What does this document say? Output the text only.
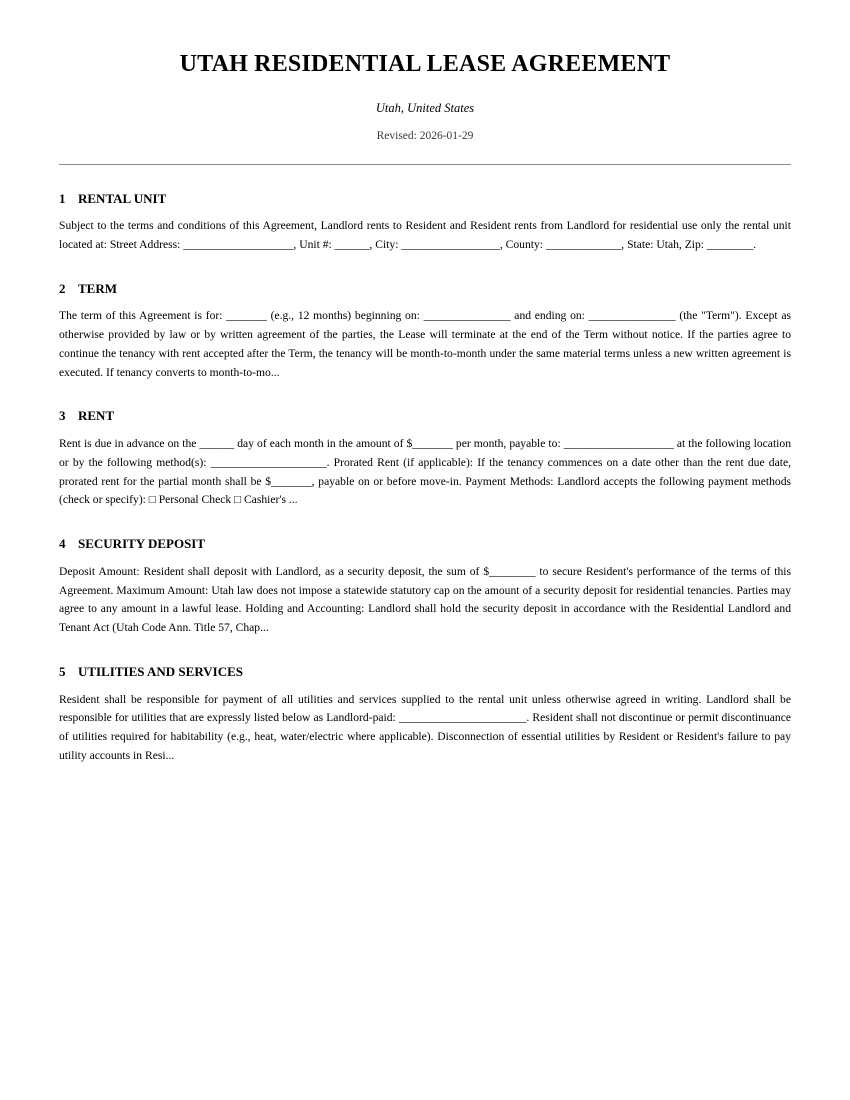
UTAH RESIDENTIAL LEASE AGREEMENT
Utah, United States
Revised: 2026-01-29
1 RENTAL UNIT

Subject to the terms and conditions of this Agreement, Landlord rents to Resident and Resident rents from Landlord for residential use only the rental unit located at: Street Address: ___________________, Unit #: ______, City: _________________, County: _____________, State: Utah, Zip: ________.

2 TERM

The term of this Agreement is for: _______ (e.g., 12 months) beginning on: _______________ and ending on: _______________ (the "Term"). Except as otherwise provided by law or by written agreement of the parties, the Lease will terminate at the end of the Term without notice. If the parties agree to continue the tenancy with rent accepted after the Term, the tenancy will be month-to-month under the same material terms unless a new written agreement is executed. If tenancy converts to month-to-mo...

3 RENT

Rent is due in advance on the ______ day of each month in the amount of $_______ per month, payable to: ___________________ at the following location or by the following method(s): ____________________. Prorated Rent (if applicable): If the tenancy commences on a date other than the rent due date, prorated rent for the partial month shall be $_______, payable on or before move-in. Payment Methods: Landlord accepts the following payment methods (check or specify): □ Personal Check □ Cashier's ...

4 SECURITY DEPOSIT

Deposit Amount: Resident shall deposit with Landlord, as a security deposit, the sum of $________ to secure Resident's performance of the terms of this Agreement. Maximum Amount: Utah law does not impose a statewide statutory cap on the amount of a security deposit for residential tenancies. Parties may agree to any amount in a lawful lease. Holding and Accounting: Landlord shall hold the security deposit in accordance with the Residential Landlord and Tenant Act (Utah Code Ann. Title 57, Chap...

5 UTILITIES AND SERVICES

Resident shall be responsible for payment of all utilities and services supplied to the rental unit unless otherwise agreed in writing. Landlord shall be responsible for utilities that are expressly listed below as Landlord-paid: ______________________. Resident shall not discontinue or permit discontinuance of utilities required for habitability (e.g., heat, water/electric where applicable). Disconnection of essential utilities by Resident or Resident's failure to pay utility accounts in Resi...
